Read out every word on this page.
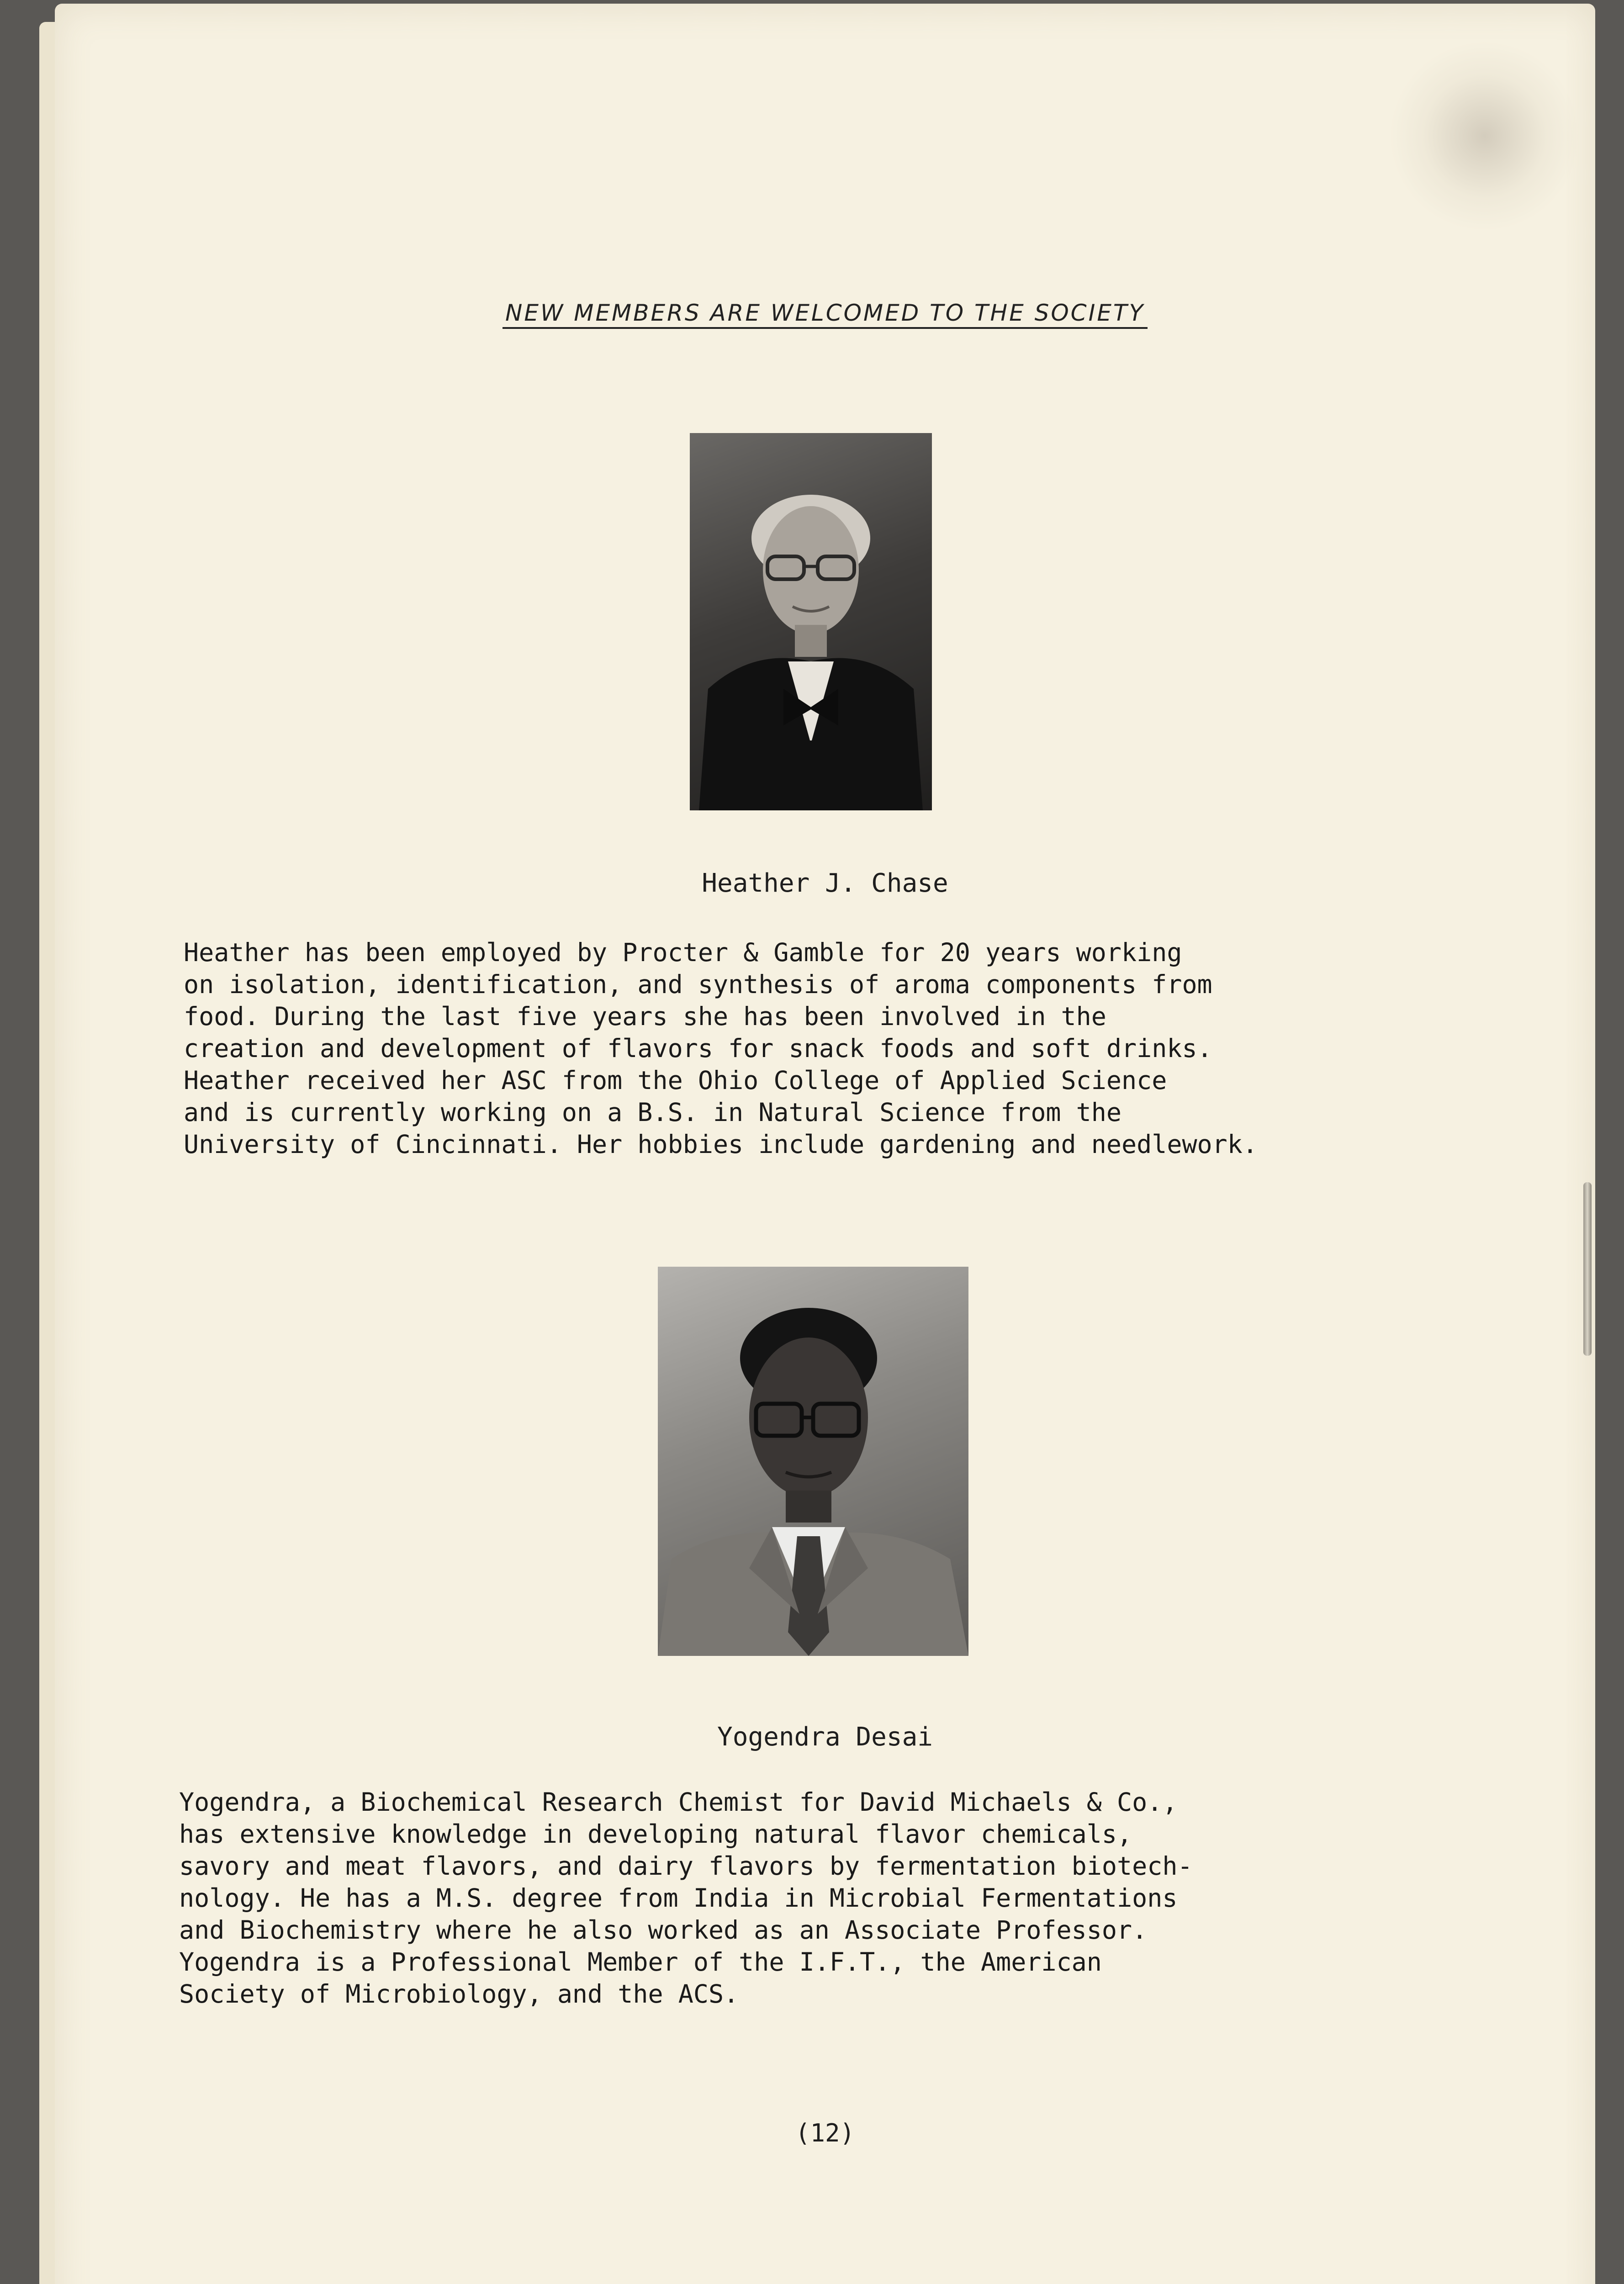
NEW MEMBERS ARE WELCOMED TO THE SOCIETY
Heather J. Chase
Heather has been employed by Procter & Gamble for 20 years working
on isolation, identification, and synthesis of aroma components from
food. During the last five years she has been involved in the
creation and development of flavors for snack foods and soft drinks.
Heather received her ASC from the Ohio College of Applied Science
and is currently working on a B.S. in Natural Science from the
University of Cincinnati. Her hobbies include gardening and needlework.
Yogendra Desai
Yogendra, a Biochemical Research Chemist for David Michaels & Co.,
has extensive knowledge in developing natural flavor chemicals,
savory and meat flavors, and dairy flavors by fermentation biotech-
nology. He has a M.S. degree from India in Microbial Fermentations
and Biochemistry where he also worked as an Associate Professor.
Yogendra is a Professional Member of the I.F.T., the American
Society of Microbiology, and the ACS.
(12)
